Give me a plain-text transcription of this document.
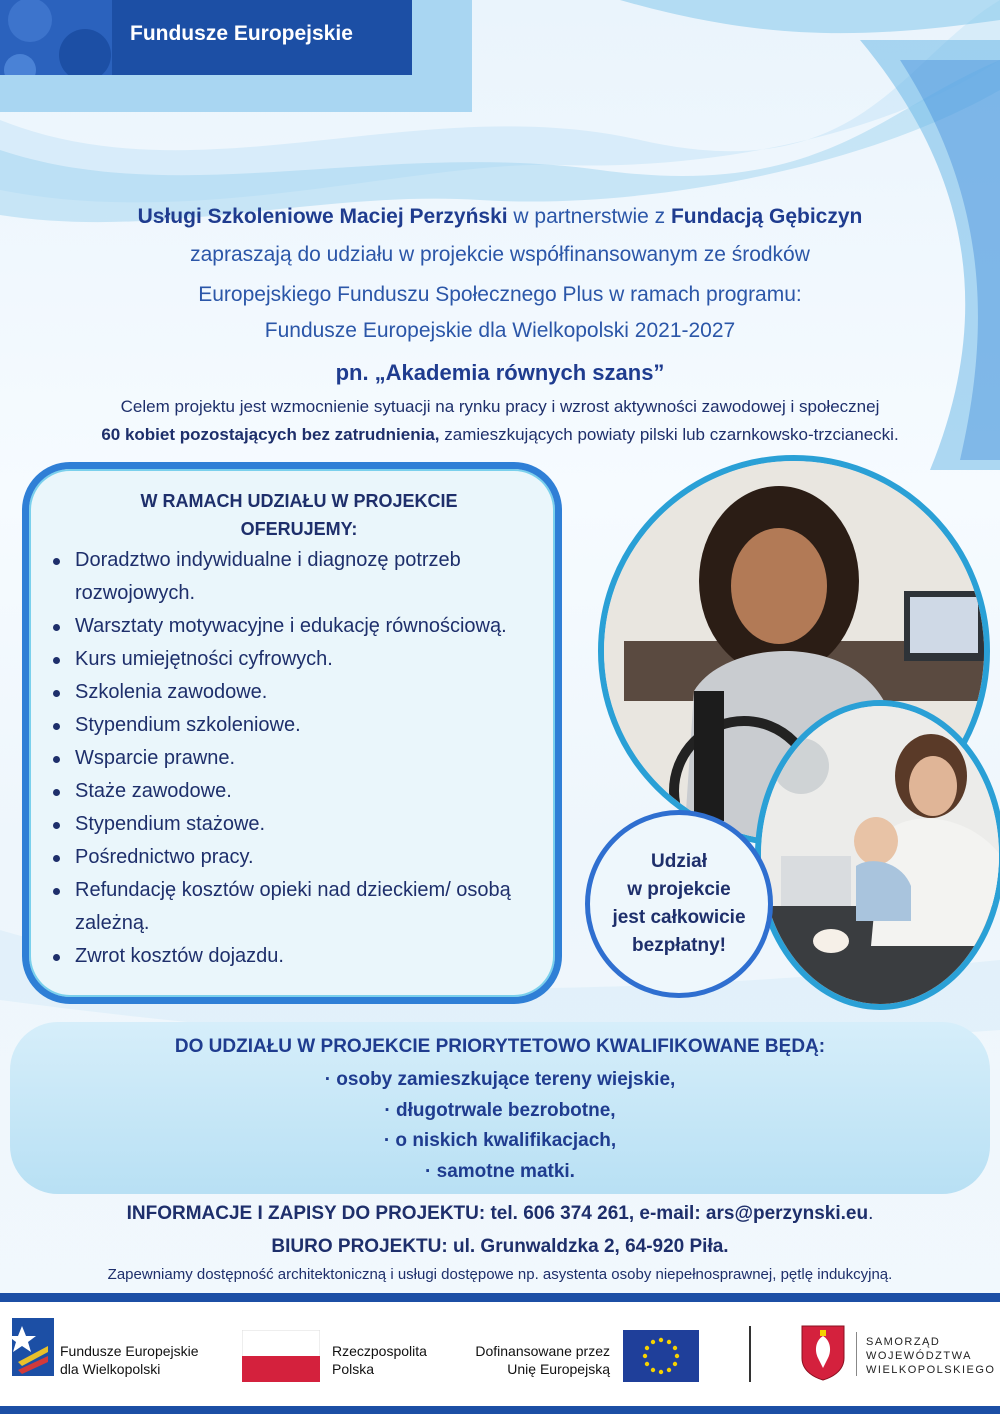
Fundusze Europejskie
Usługi Szkoleniowe Maciej Perzyński w partnerstwie z Fundacją Gębiczyn
zapraszają do udziału w projekcie współfinansowanym ze środków
Europejskiego Funduszu Społecznego Plus w ramach programu:
Fundusze Europejskie dla Wielkopolski 2021-2027
pn. „Akademia równych szans”
Celem projektu jest wzmocnienie sytuacji na rynku pracy i wzrost aktywności zawodowej i społecznej
60 kobiet pozostających bez zatrudnienia, zamieszkujących powiaty pilski lub czarnkowsko-trzcianecki.
W RAMACH UDZIAŁU W PROJEKCIE
OFERUJEMY:
Doradztwo indywidualne i diagnozę potrzeb rozwojowych.
Warsztaty motywacyjne i edukację równościową.
Kurs umiejętności cyfrowych.
Szkolenia zawodowe.
Stypendium szkoleniowe.
Wsparcie prawne.
Staże zawodowe.
Stypendium stażowe.
Pośrednictwo pracy.
Refundację kosztów opieki nad dzieckiem/ osobą zależną.
Zwrot kosztów dojazdu.
Udział
w projekcie
jest całkowicie
bezpłatny!
DO UDZIAŁU W PROJEKCIE PRIORYTETOWO KWALIFIKOWANE BĘDĄ:
· osoby zamieszkujące tereny wiejskie,
· długotrwale bezrobotne,
· o niskich kwalifikacjach,
· samotne matki.
INFORMACJE I ZAPISY DO PROJEKTU: tel. 606 374 261, e-mail: ars@perzynski.eu.
BIURO PROJEKTU: ul. Grunwaldzka 2, 64-920 Piła.
Zapewniamy dostępność architektoniczną i usługi dostępowe np. asystenta osoby niepełnosprawnej, pętlę indukcyjną.
Fundusze Europejskie
dla Wielkopolski
Rzeczpospolita
Polska
Dofinansowane przez
Unię Europejską
SAMORZĄD
WOJEWÓDZTWA
WIELKOPOLSKIEGO
